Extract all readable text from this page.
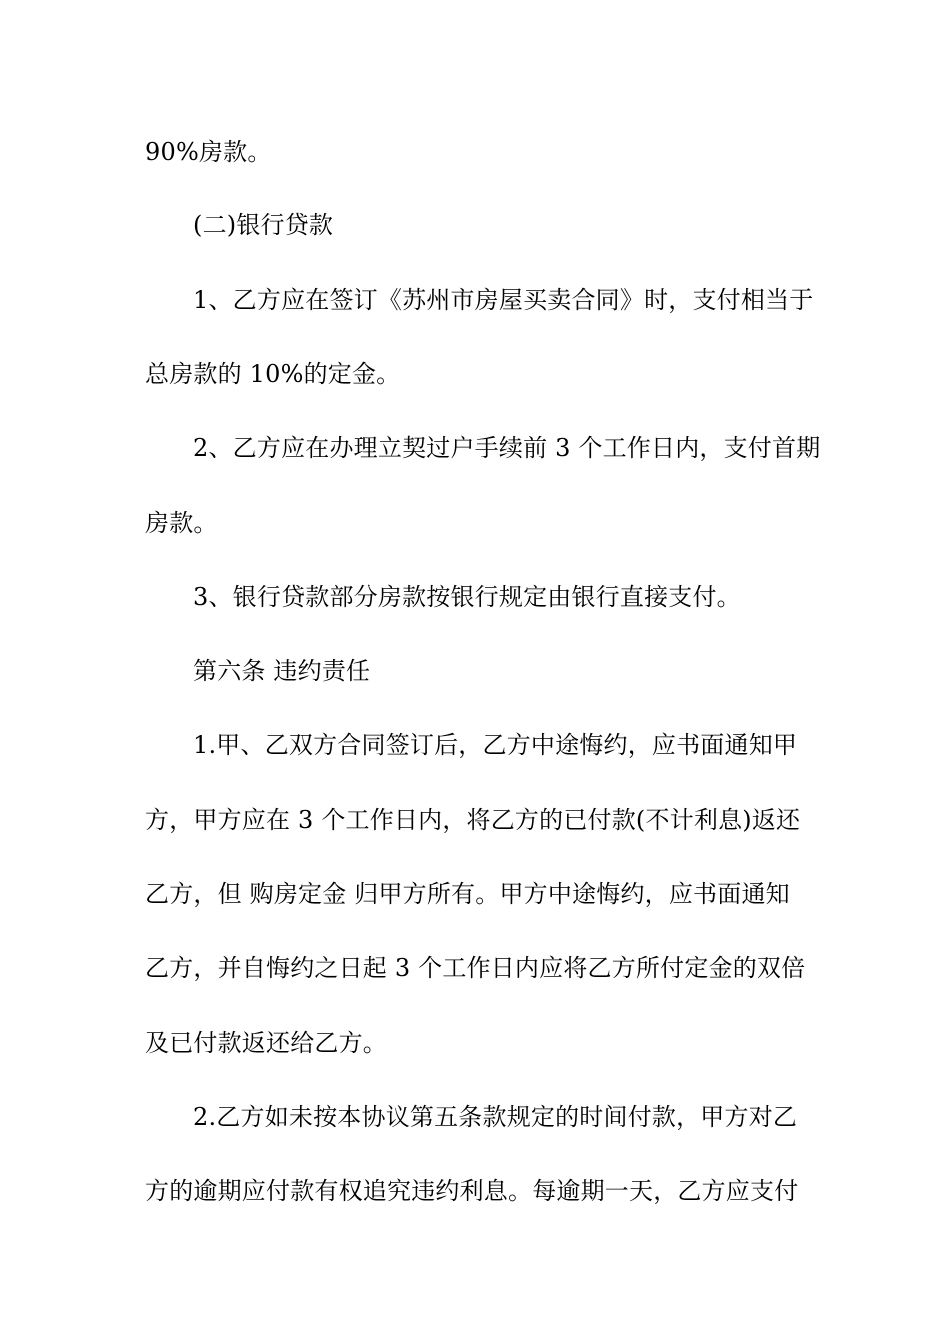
90%房款。
(二)银行贷款
1、乙方应在签订《苏州市房屋买卖合同》时，支付相当于
总房款的 10%的定金。
2、乙方应在办理立契过户手续前 3 个工作日内，支付首期
房款。
3、银行贷款部分房款按银行规定由银行直接支付。
第六条 违约责任
1.甲、乙双方合同签订后，乙方中途悔约，应书面通知甲
方，甲方应在 3 个工作日内，将乙方的已付款(不计利息)返还
乙方，但 购房定金 归甲方所有。甲方中途悔约，应书面通知
乙方，并自悔约之日起 3 个工作日内应将乙方所付定金的双倍
及已付款返还给乙方。
2.乙方如未按本协议第五条款规定的时间付款，甲方对乙
方的逾期应付款有权追究违约利息。每逾期一天，乙方应支付
